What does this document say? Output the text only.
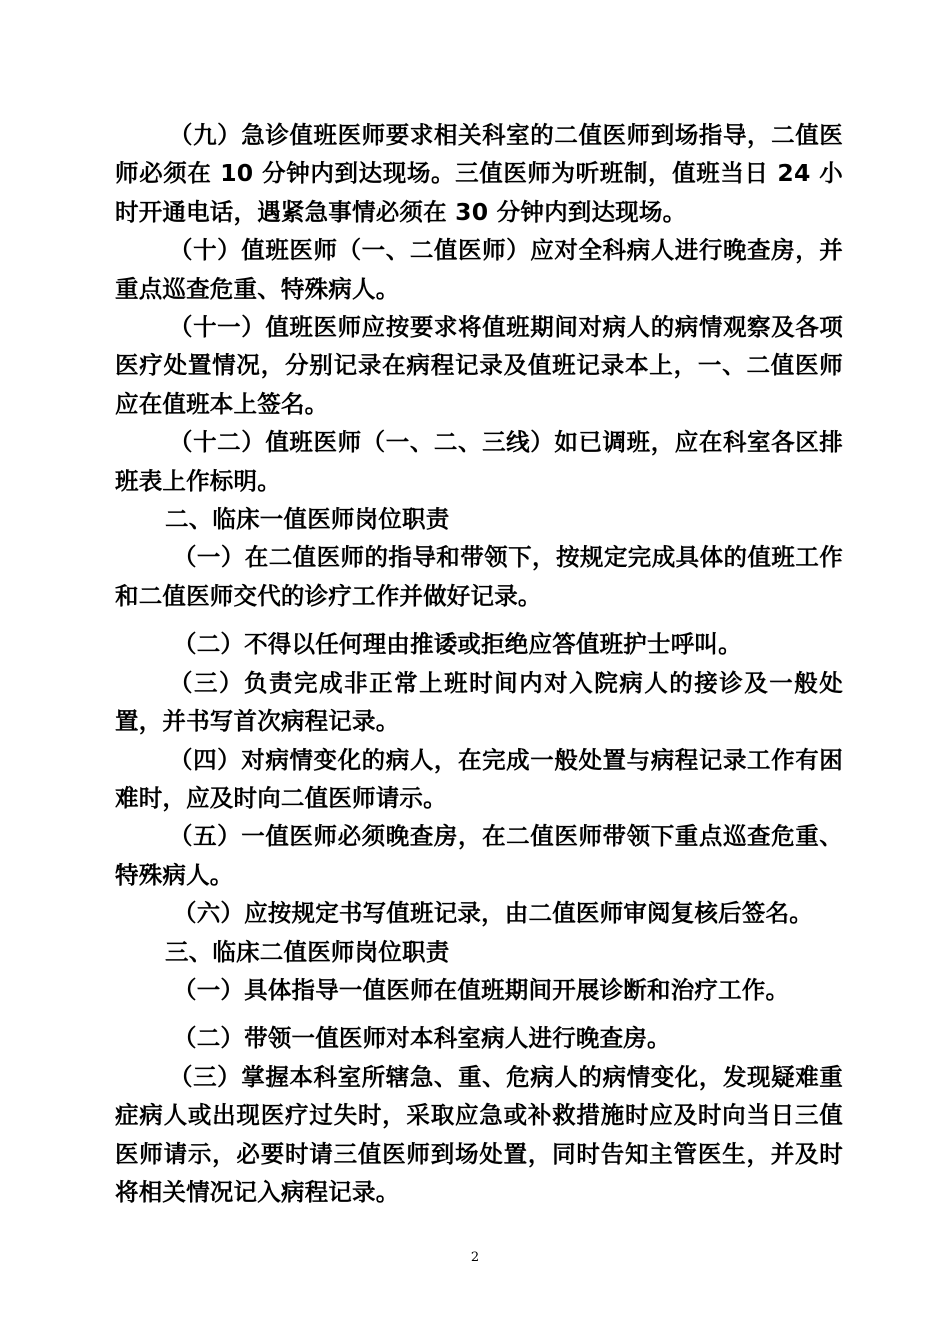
（九）急诊值班医师要求相关科室的二值医师到场指导，二值医师必须在 10 分钟内到达现场。三值医师为听班制，值班当日 24 小时开通电话，遇紧急事情必须在 30 分钟内到达现场。

（十）值班医师（一、二值医师）应对全科病人进行晚查房，并重点巡查危重、特殊病人。

（十一）值班医师应按要求将值班期间对病人的病情观察及各项医疗处置情况，分别记录在病程记录及值班记录本上，一、二值医师应在值班本上签名。

（十二）值班医师（一、二、三线）如已调班，应在科室各区排班表上作标明。

二、临床一值医师岗位职责

（一）在二值医师的指导和带领下，按规定完成具体的值班工作和二值医师交代的诊疗工作并做好记录。

（二）不得以任何理由推诿或拒绝应答值班护士呼叫。

（三）负责完成非正常上班时间内对入院病人的接诊及一般处置，并书写首次病程记录。

（四）对病情变化的病人，在完成一般处置与病程记录工作有困难时，应及时向二值医师请示。

（五）一值医师必须晚查房，在二值医师带领下重点巡查危重、特殊病人。

（六）应按规定书写值班记录，由二值医师审阅复核后签名。

三、临床二值医师岗位职责

（一）具体指导一值医师在值班期间开展诊断和治疗工作。

（二）带领一值医师对本科室病人进行晚查房。

（三）掌握本科室所辖急、重、危病人的病情变化，发现疑难重症病人或出现医疗过失时，采取应急或补救措施时应及时向当日三值医师请示，必要时请三值医师到场处置，同时告知主管医生，并及时将相关情况记入病程记录。

2
